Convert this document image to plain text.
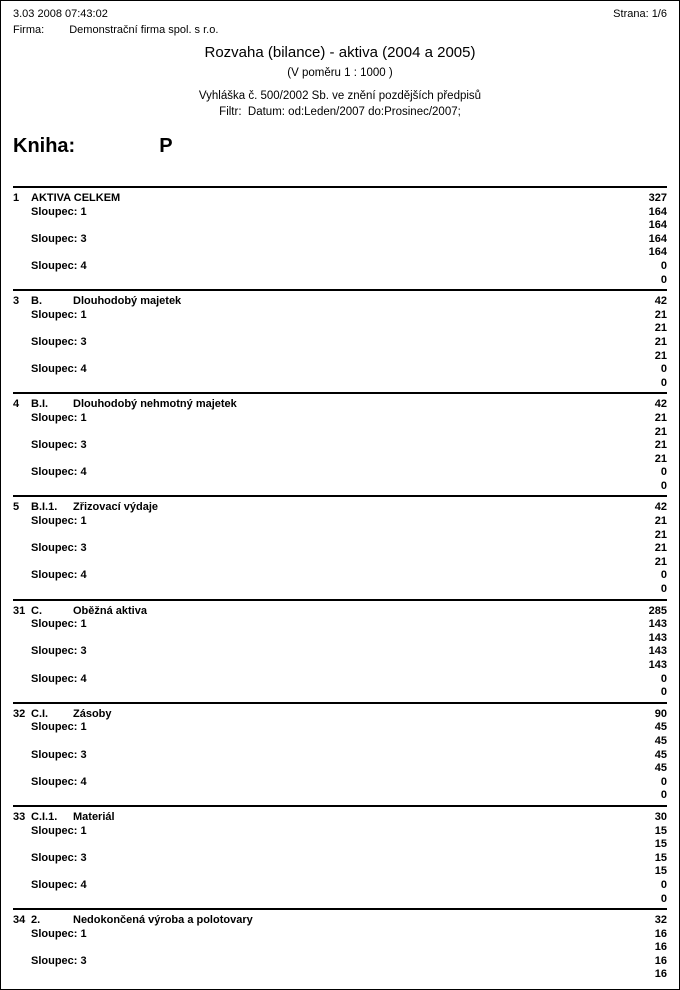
3.03 2008 07:43:02	Strana: 1/6
Firma: Demonstrační firma spol. s r.o.
Rozvaha (bilance) - aktiva (2004 a 2005)
(V poměru 1 : 1000 )
Vyhláška č. 500/2002 Sb. ve znění pozdějších předpisů
Filtr:  Datum: od:Leden/2007 do:Prosinec/2007;
Kniha:	P
1	AKTIVA CELKEM	327
Sloupec: 1	164
164
Sloupec: 3	164
164
Sloupec: 4	0
0
3	B.	Dlouhodobý majetek	42
Sloupec: 1	21
21
Sloupec: 3	21
21
Sloupec: 4	0
0
4	B.I.	Dlouhodobý nehmotný majetek	42
Sloupec: 1	21
21
Sloupec: 3	21
21
Sloupec: 4	0
0
5	B.I.1.	Zřizovací výdaje	42
Sloupec: 1	21
21
Sloupec: 3	21
21
Sloupec: 4	0
0
31 C.	Oběžná aktiva	285
Sloupec: 1	143
143
Sloupec: 3	143
143
Sloupec: 4	0
0
32 C.I.	Zásoby	90
Sloupec: 1	45
45
Sloupec: 3	45
45
Sloupec: 4	0
0
33 C.I.1.	Materiál	30
Sloupec: 1	15
15
Sloupec: 3	15
15
Sloupec: 4	0
0
34 2.	Nedokončená výroba a polotovary	32
Sloupec: 1	16
16
Sloupec: 3	16
16
